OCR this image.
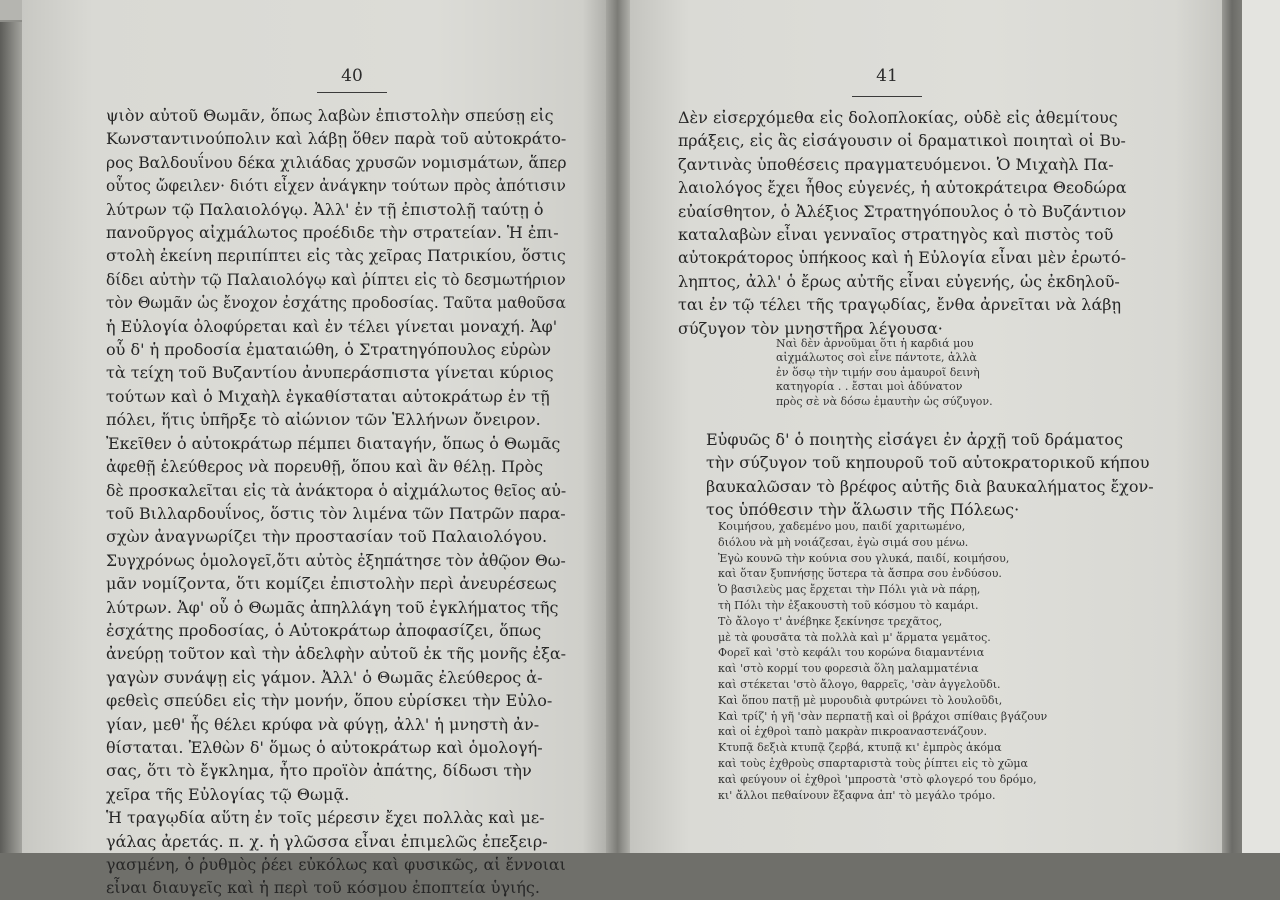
40	41
ψιὸν αὐτοῦ Θωμᾶν, ὅπως λαβὼν ἐπιστολὴν σπεύσῃ εἰς
Κωνσταντινούπολιν καὶ λάβῃ ὅθεν παρὰ τοῦ αὐτοκράτο-
ρος Βαλδουΐνου δέκα χιλιάδας χρυσῶν νομισμάτων, ἅπερ
οὗτος ὤφειλεν· διότι εἶχεν ἀνάγκην τούτων πρὸς ἀπότισιν
λύτρων τῷ Παλαιολόγῳ. Ἀλλ' ἐν τῇ ἐπιστολῇ ταύτῃ ὁ
πανοῦργος αἰχμάλωτος προέδιδε τὴν στρατείαν. Ἡ ἐπι-
στολὴ ἐκείνη περιπίπτει εἰς τὰς χεῖρας Πατρικίου, ὅστις
δίδει αὐτὴν τῷ Παλαιολόγῳ καὶ ῥίπτει εἰς τὸ δεσμωτήριον
τὸν Θωμᾶν ὡς ἔνοχον ἐσχάτης προδοσίας. Ταῦτα μαθοῦσα
ἡ Εὐλογία ὀλοφύρεται καὶ ἐν τέλει γίνεται μοναχή. Ἀφ'
οὗ δ' ἡ προδοσία ἐματαιώθη, ὁ Στρατηγόπουλος εὑρὼν
τὰ τείχη τοῦ Βυζαντίου ἀνυπεράσπιστα γίνεται κύριος
τούτων καὶ ὁ Μιχαὴλ ἐγκαθίσταται αὐτοκράτωρ ἐν τῇ
πόλει, ἥτις ὑπῆρξε τὸ αἰώνιον τῶν Ἑλλήνων ὄνειρον.
Ἐκεῖθεν ὁ αὐτοκράτωρ πέμπει διαταγήν, ὅπως ὁ Θωμᾶς
ἀφεθῇ ἐλεύθερος νὰ πορευθῇ, ὅπου καὶ ἂν θέλῃ. Πρὸς
δὲ προσκαλεῖται εἰς τὰ ἀνάκτορα ὁ αἰχμάλωτος θεῖος αὐ-
τοῦ Βιλλαρδουΐνος, ὅστις τὸν λιμένα τῶν Πατρῶν παρα-
σχὼν ἀναγνωρίζει τὴν προστασίαν τοῦ Παλαιολόγου.
Συγχρόνως ὁμολογεῖ,ὅτι αὐτὸς ἐξηπάτησε τὸν ἀθῷον Θω-
μᾶν νομίζοντα, ὅτι κομίζει ἐπιστολὴν περὶ ἀνευρέσεως
λύτρων. Ἀφ' οὗ ὁ Θωμᾶς ἀπηλλάγη τοῦ ἐγκλήματος τῆς
ἐσχάτης προδοσίας, ὁ Αὐτοκράτωρ ἀποφασίζει, ὅπως
ἀνεύρῃ τοῦτον καὶ τὴν ἀδελφὴν αὐτοῦ ἐκ τῆς μονῆς ἐξα-
γαγὼν συνάψῃ εἰς γάμον. Ἀλλ' ὁ Θωμᾶς ἐλεύθερος ἀ-
φεθεὶς σπεύδει εἰς τὴν μονήν, ὅπου εὑρίσκει τὴν Εὐλο-
γίαν, μεθ' ἧς θέλει κρύφα νὰ φύγῃ, ἀλλ' ἡ μνηστὴ ἀν-
θίσταται. Ἐλθὼν δ' ὅμως ὁ αὐτοκράτωρ καὶ ὁμολογή-
σας, ὅτι τὸ ἔγκλημα, ἦτο προϊὸν ἀπάτης, δίδωσι τὴν
χεῖρα τῆς Εὐλογίας τῷ Θωμᾷ.
Ἡ τραγῳδία αὕτη ἐν τοῖς μέρεσιν ἔχει πολλὰς καὶ με-
γάλας ἀρετάς. π. χ. ἡ γλῶσσα εἶναι ἐπιμελῶς ἐπεξειρ-
γασμένη, ὁ ῥυθμὸς ῥέει εὐκόλως καὶ φυσικῶς, αἱ ἔννοιαι
εἶναι διαυγεῖς καὶ ἡ περὶ τοῦ κόσμου ἐποπτεία ὑγιής.
Δὲν εἰσερχόμεθα εἰς δολοπλοκίας, οὐδὲ εἰς ἀθεμίτους
πράξεις, εἰς ἃς εἰσάγουσιν οἱ δραματικοὶ ποιηταὶ οἱ Βυ-
ζαντινὰς ὑποθέσεις πραγματευόμενοι. Ὁ Μιχαὴλ Πα-
λαιολόγος ἔχει ἦθος εὐγενές, ἡ αὐτοκράτειρα Θεοδώρα
εὐαίσθητον, ὁ Ἀλέξιος Στρατηγόπουλος ὁ τὸ Βυζάντιον
καταλαβὼν εἶναι γενναῖος στρατηγὸς καὶ πιστὸς τοῦ
αὐτοκράτορος ὑπήκοος καὶ ἡ Εὐλογία εἶναι μὲν ἐρωτό-
ληπτος, ἀλλ' ὁ ἔρως αὐτῆς εἶναι εὐγενής, ὡς ἐκδηλοῦ-
ται ἐν τῷ τέλει τῆς τραγῳδίας, ἔνθα ἀρνεῖται νὰ λάβῃ
σύζυγον τὸν μνηστῆρα λέγουσα·
Ναὶ δὲν ἀρνοῦμαι ὅτι ἡ καρδιά μου
αἰχμάλωτος σοὶ εἶνε πάντοτε, ἀλλὰ
ἐν ὅσῳ τὴν τιμήν σου ἀμαυροῖ δεινὴ
κατηγορία . . ἔσται μοὶ ἀδύνατον
πρὸς σὲ νὰ δόσω ἐμαυτὴν ὡς σύζυγον.
Εὐφυῶς δ' ὁ ποιητὴς εἰσάγει ἐν ἀρχῇ τοῦ δράματος
τὴν σύζυγον τοῦ κηπουροῦ τοῦ αὐτοκρατορικοῦ κήπου
βαυκαλῶσαν τὸ βρέφος αὐτῆς διὰ βαυκαλήματος ἔχον-
τος ὑπόθεσιν τὴν ἅλωσιν τῆς Πόλεως·
Κοιμήσου, χαδεμένο μου, παιδί χαριτωμένο,
διόλου νὰ μὴ νοιάζεσαι, ἐγὼ σιμά σου μένω.
Ἐγὼ κουνῶ τὴν κούνια σου γλυκά, παιδί, κοιμήσου,
καὶ ὅταν ξυπνήσῃς ὕστερα τὰ ἄσπρα σου ἐνδύσου.
Ὁ βασιλεὺς μας ἔρχεται τὴν Πόλι γιὰ νὰ πάρῃ,
τὴ Πόλι τὴν ἐξακουστὴ τοῦ κόσμου τὸ καμάρι.
Τὸ ἄλογο τ' ἀνέβηκε ξεκίνησε τρεχᾶτος,
μὲ τὰ φουσᾶτα τὰ πολλὰ καὶ μ' ἅρματα γεμᾶτος.
Φορεῖ καὶ 'στὸ κεφάλι του κορώνα διαμαντένια
καὶ 'στὸ κορμί του φορεσιὰ ὅλη μαλαμματένια
καὶ στέκεται 'στὸ ἄλογο, θαρρεῖς, 'σὰν ἀγγελοῦδι.
Καὶ ὅπου πατῇ μὲ μυρουδιὰ φυτρώνει τὸ λουλοῦδι,
Καὶ τρίζ' ἡ γῆ 'σὰν περπατῇ καὶ οἱ βράχοι σπίθαις βγάζουν
καὶ οἱ ἐχθροὶ ταπὸ μακρὰν πικροαναστενάζουν.
Κτυπᾷ δεξιὰ κτυπᾷ ζερβά, κτυπᾷ κι' ἐμπρὸς ἀκόμα
καὶ τοὺς ἐχθροὺς σπαρταριστὰ τοὺς ῥίπτει εἰς τὸ χῶμα
καὶ φεύγουν οἱ ἐχθροὶ 'μπροστὰ 'στὸ φλογερό του δρόμο,
κι' ἄλλοι πεθαίνουν ἔξαφνα ἀπ' τὸ μεγάλο τρόμο.
